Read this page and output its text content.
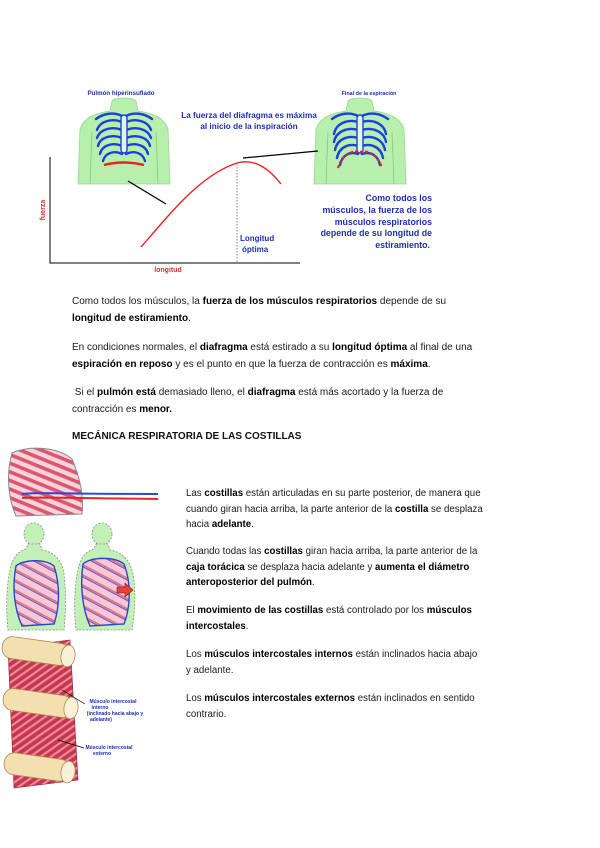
Pulmón hiperinsuflado	Final de la espiración
La fuerza del diafragma es máxima
al inicio de la inspiración
fuerza
longitud
Longitud
óptima
Como todos los
músculos, la fuerza de los
músculos respiratorios
depende de su longitud de
estiramiento.
Como todos los músculos, la fuerza de los músculos respiratorios depende de su
longitud de estiramiento.
En condiciones normales, el diafragma está estirado a su longitud óptima al final de una
espiración en reposo y es el punto en que la fuerza de contracción es máxima.
Si el pulmón está demasiado lleno, el diafragma está más acortado y la fuerza de
contracción es menor.
MECÁNICA RESPIRATORIA DE LAS COSTILLAS
Músculo intercostal
interno
(inclinado hacia abajo y
adelante)
Músculo intercostal
externo
Las costillas están articuladas en su parte posterior, de manera que
cuando giran hacia arriba, la parte anterior de la costilla se desplaza
hacia adelante.
Cuando todas las costillas giran hacia arriba, la parte anterior de la
caja torácica se desplaza hacia adelante y aumenta el diámetro
anteroposterior del pulmón.
El movimiento de las costillas está controlado por los músculos
intercostales.
Los músculos intercostales internos están inclinados hacia abajo
y adelante.
Los músculos intercostales externos están inclinados en sentido
contrario.
